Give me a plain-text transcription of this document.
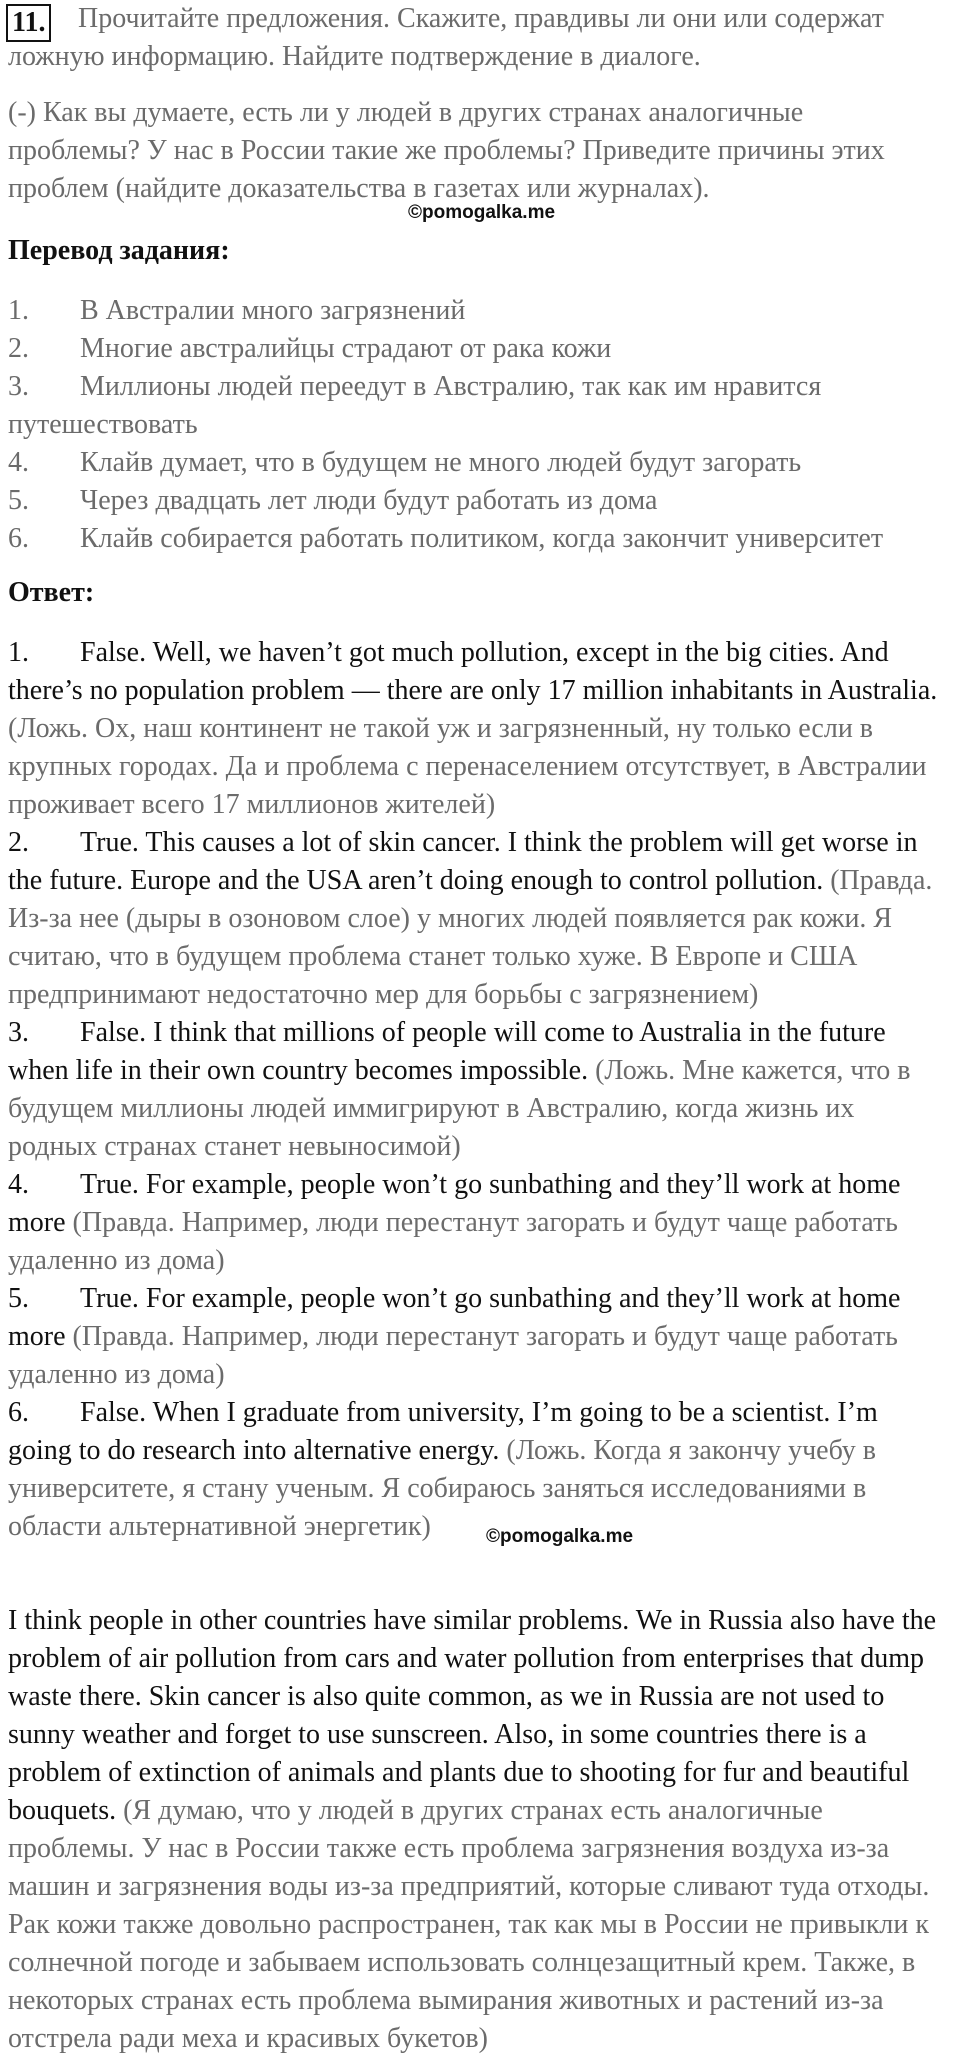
11. Прочитайте предложения. Скажите, правдивы ли они или содержат

ложную информацию. Найдите подтверждение в диалоге.

(-) Как вы думаете, есть ли у людей в других странах аналогичные

проблемы? У нас в России такие же проблемы? Приведите причины этих

проблем (найдите доказательства в газетах или журналах).

©pomogalka.me

Перевод задания:

1. В Австралии много загрязнений

2. Многие австралийцы страдают от рака кожи

3. Миллионы людей переедут в Австралию, так как им нравится

путешествовать

4. Клайв думает, что в будущем не много людей будут загорать

5. Через двадцать лет люди будут работать из дома

6. Клайв собирается работать политиком, когда закончит университет

Ответ:

1. False. Well, we haven’t got much pollution, except in the big cities. And

there’s no population problem — there are only 17 million inhabitants in Australia.

(Ложь. Ох, наш континент не такой уж и загрязненный, ну только если в

крупных городах. Да и проблема с перенаселением отсутствует, в Австралии

проживает всего 17 миллионов жителей)

2. True. This causes a lot of skin cancer. I think the problem will get worse in

the future. Europe and the USA aren’t doing enough to control pollution. (Правда.

Из-за нее (дыры в озоновом слое) у многих людей появляется рак кожи. Я

считаю, что в будущем проблема станет только хуже. В Европе и США

предпринимают недостаточно мер для борьбы с загрязнением)

3. False. I think that millions of people will come to Australia in the future

when life in their own country becomes impossible. (Ложь. Мне кажется, что в

будущем миллионы людей иммигрируют в Австралию, когда жизнь их

родных странах станет невыносимой)

4. True. For example, people won’t go sunbathing and they’ll work at home

more (Правда. Например, люди перестанут загорать и будут чаще работать

удаленно из дома)

5. True. For example, people won’t go sunbathing and they’ll work at home

more (Правда. Например, люди перестанут загорать и будут чаще работать

удаленно из дома)

6. False. When I graduate from university, I’m going to be a scientist. I’m

going to do research into alternative energy. (Ложь. Когда я закончу учебу в

университете, я стану ученым. Я собираюсь заняться исследованиями в

области альтернативной энергетик)	©pomogalka.me

I think people in other countries have similar problems. We in Russia also have the

problem of air pollution from cars and water pollution from enterprises that dump

waste there. Skin cancer is also quite common, as we in Russia are not used to

sunny weather and forget to use sunscreen. Also, in some countries there is a

problem of extinction of animals and plants due to shooting for fur and beautiful

bouquets. (Я думаю, что у людей в других странах есть аналогичные

проблемы. У нас в России также есть проблема загрязнения воздуха из-за

машин и загрязнения воды из-за предприятий, которые сливают туда отходы.

Рак кожи также довольно распространен, так как мы в России не привыкли к

солнечной погоде и забываем использовать солнцезащитный крем. Также, в

некоторых странах есть проблема вымирания животных и растений из-за

отстрела ради меха и красивых букетов)
